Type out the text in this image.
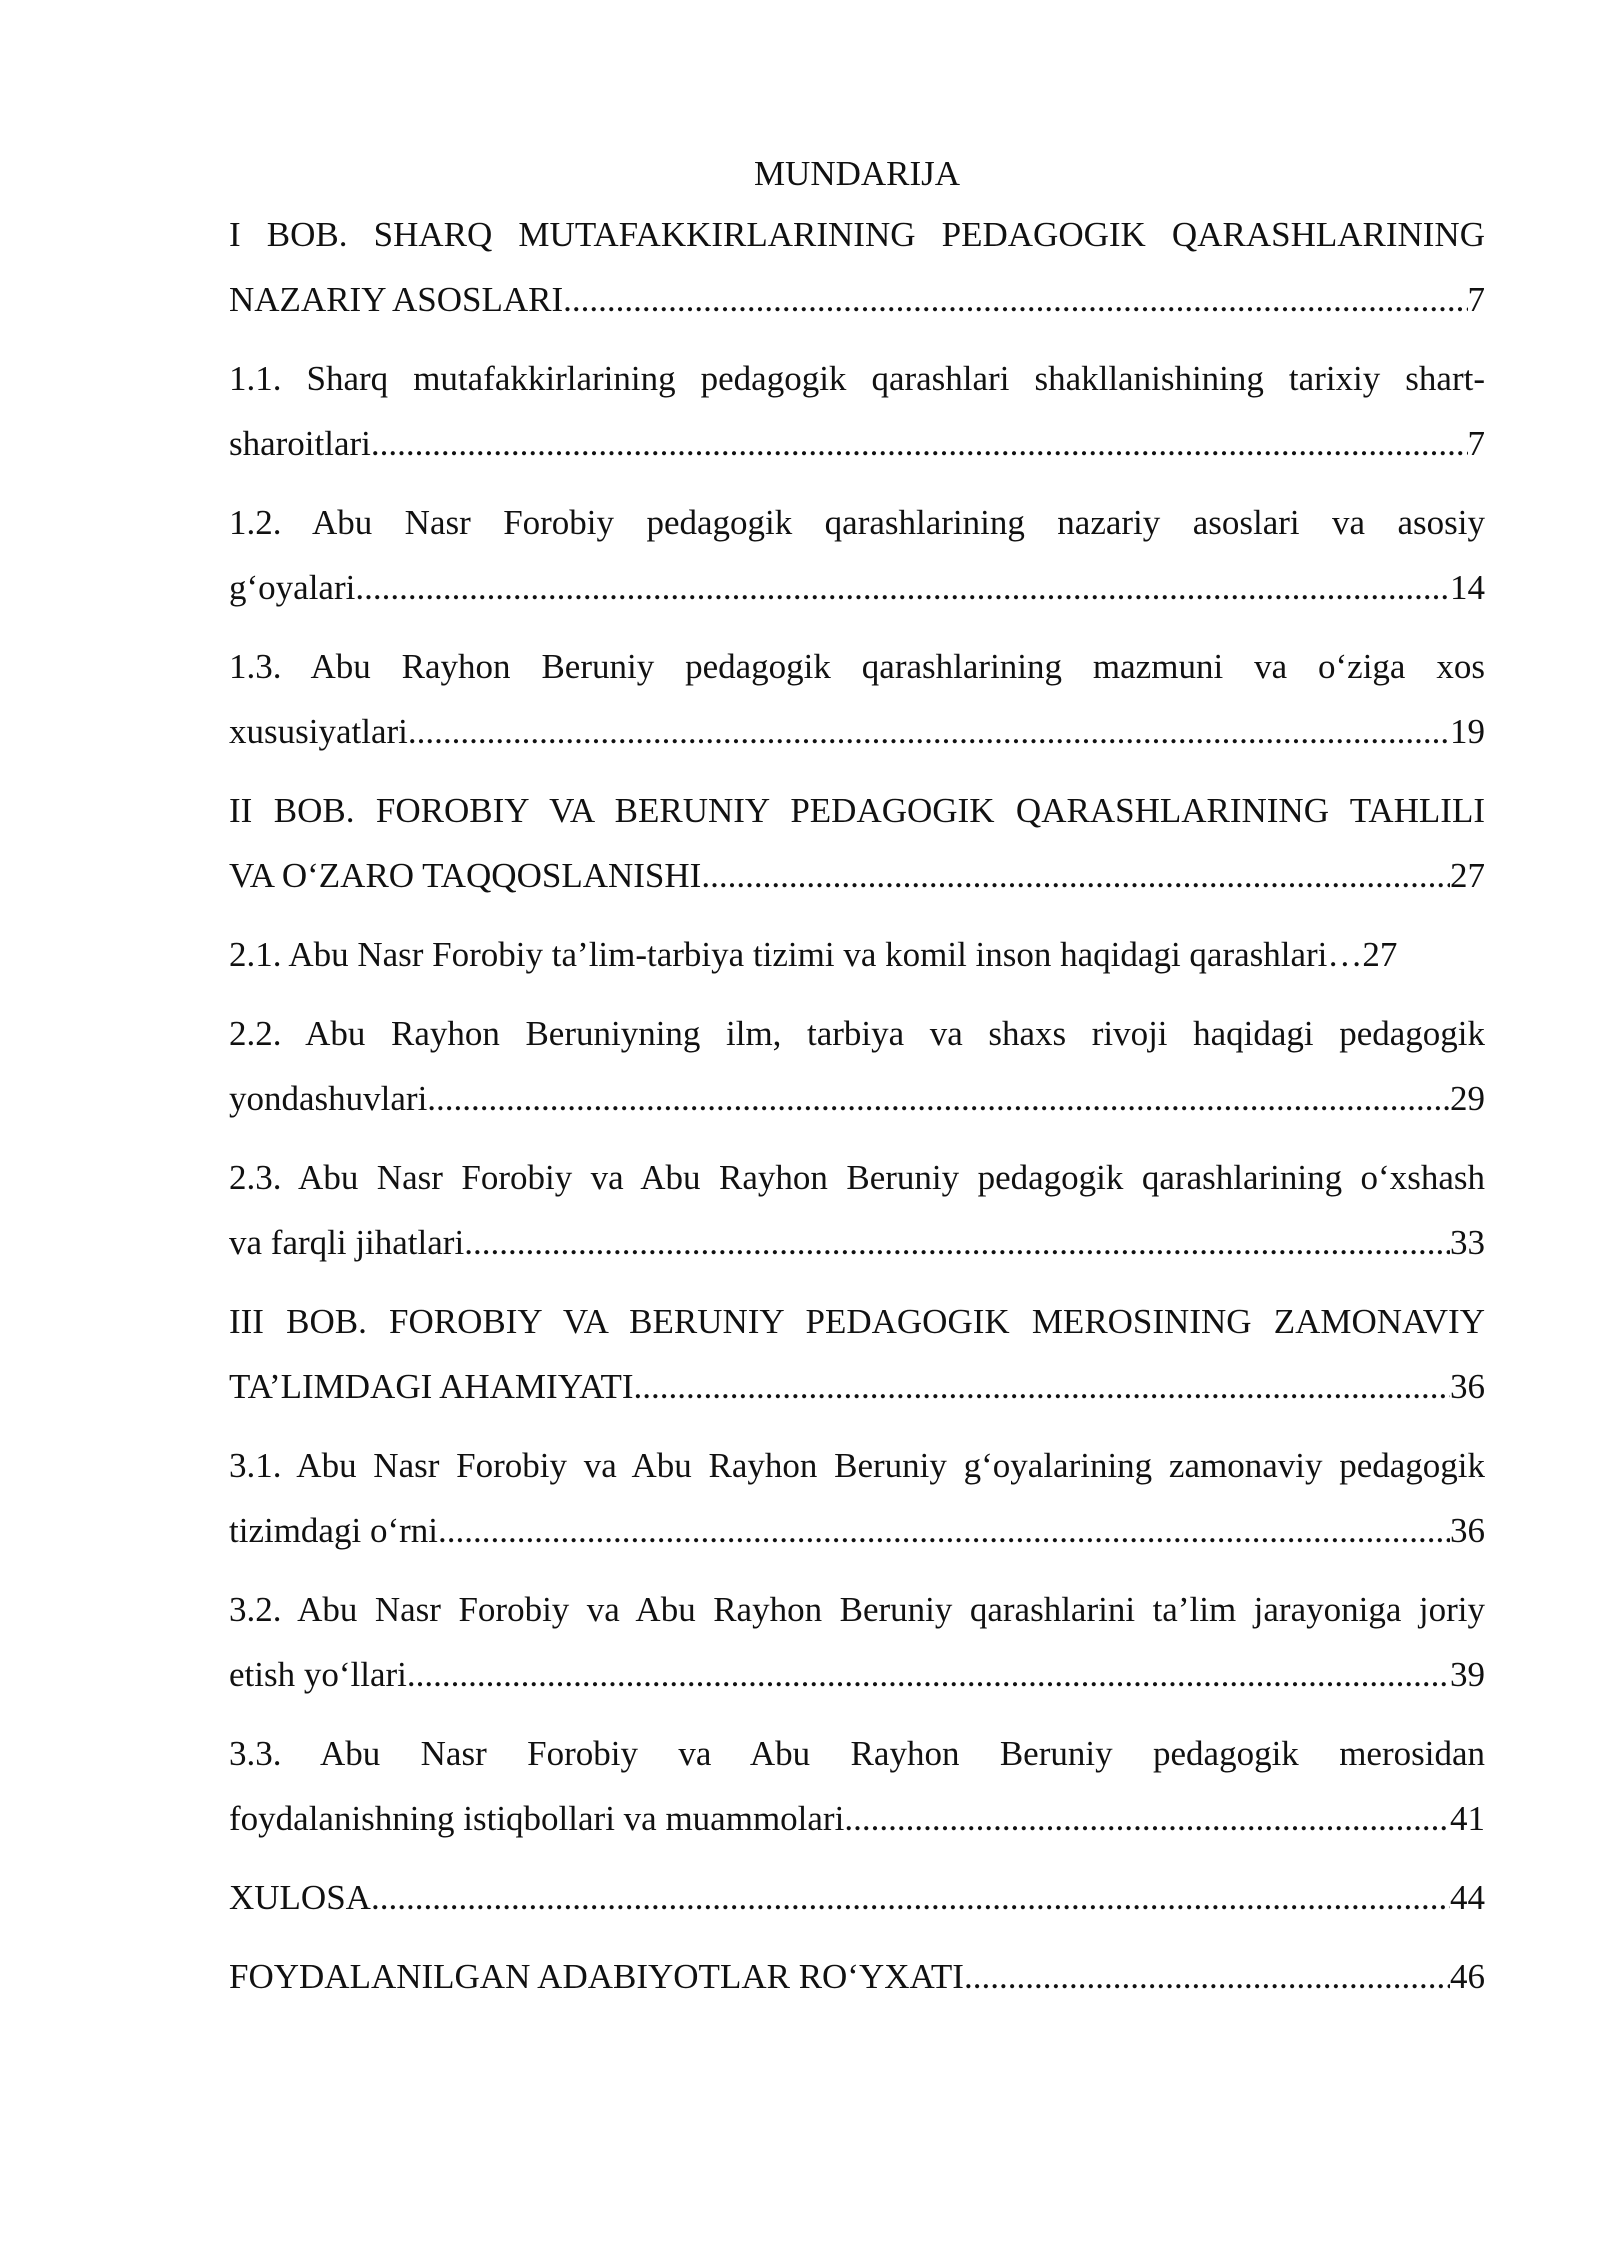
MUNDARIJA
I BOB. SHARQ MUTAFAKKIRLARINING PEDAGOGIK QARASHLARINING
NAZARIY ASOSLARI .....	7
1.1. Sharq mutafakkirlarining pedagogik qarashlari shakllanishining tarixiy shart-
sharoitlari .....	7
1.2. Abu Nasr Forobiy pedagogik qarashlarining nazariy asoslari va asosiy
g‘oyalari .....	14
1.3. Abu Rayhon Beruniy pedagogik qarashlarining mazmuni va o‘ziga xos
xususiyatlari .....	19
II BOB. FOROBIY VA BERUNIY PEDAGOGIK QARASHLARINING TAHLILI
VA O‘ZARO TAQQOSLANISHI .....	27
2.1. Abu Nasr Forobiy ta’lim-tarbiya tizimi va komil inson haqidagi qarashlari … 27
2.2. Abu Rayhon Beruniyning ilm, tarbiya va shaxs rivoji haqidagi pedagogik
yondashuvlari .....	29
2.3. Abu Nasr Forobiy va Abu Rayhon Beruniy pedagogik qarashlarining o‘xshash
va farqli jihatlari .....	33
III BOB. FOROBIY VA BERUNIY PEDAGOGIK MEROSINING ZAMONAVIY
TA’LIMDAGI AHAMIYATI .....	36
3.1. Abu Nasr Forobiy va Abu Rayhon Beruniy g‘oyalarining zamonaviy pedagogik
tizimdagi o‘rni .....	36
3.2. Abu Nasr Forobiy va Abu Rayhon Beruniy qarashlarini ta’lim jarayoniga joriy
etish yo‘llari .....	39
3.3. Abu Nasr Forobiy va Abu Rayhon Beruniy pedagogik merosidan
foydalanishning istiqbollari va muammolari .....	41
XULOSA .....	44
FOYDALANILGAN ADABIYOTLAR RO‘YXATI .....	46
